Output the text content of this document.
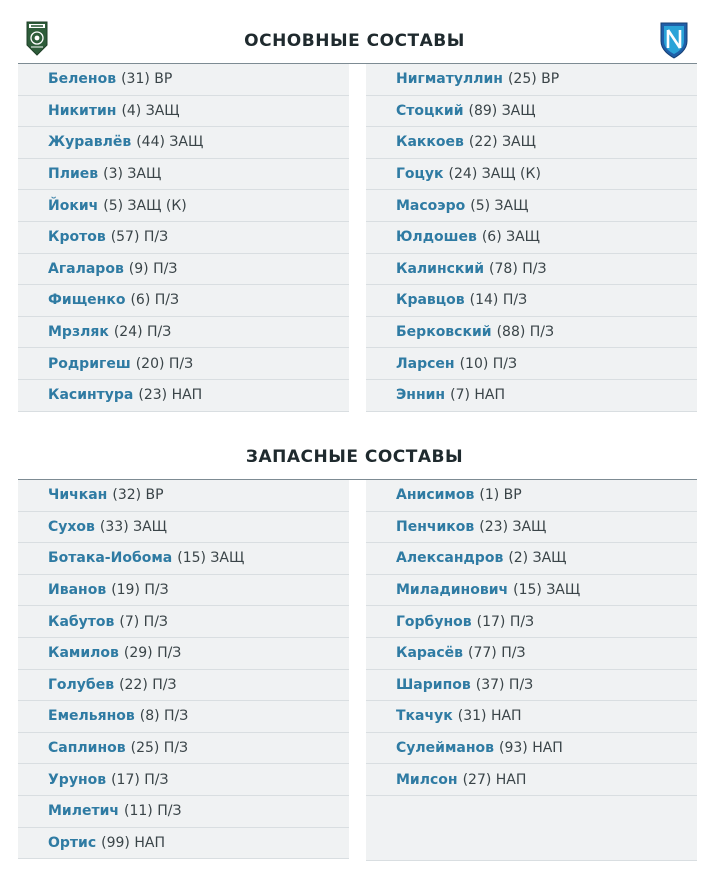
ОСНОВНЫЕ СОСТАВЫ
Беленов (31) ВР
Никитин (4) ЗАЩ
Журавлёв (44) ЗАЩ
Плиев (3) ЗАЩ
Йокич (5) ЗАЩ (К)
Кротов (57) П/З
Агаларов (9) П/З
Фищенко (6) П/З
Мрзляк (24) П/З
Родригеш (20) П/З
Касинтура (23) НАП
Нигматуллин (25) ВР
Стоцкий (89) ЗАЩ
Каккоев (22) ЗАЩ
Гоцук (24) ЗАЩ (К)
Масоэро (5) ЗАЩ
Юлдошев (6) ЗАЩ
Калинский (78) П/З
Кравцов (14) П/З
Берковский (88) П/З
Ларсен (10) П/З
Эннин (7) НАП
ЗАПАСНЫЕ СОСТАВЫ
Чичкан (32) ВР
Сухов (33) ЗАЩ
Ботака-Иобома (15) ЗАЩ
Иванов (19) П/З
Кабутов (7) П/З
Камилов (29) П/З
Голубев (22) П/З
Емельянов (8) П/З
Саплинов (25) П/З
Урунов (17) П/З
Милетич (11) П/З
Ортис (99) НАП
Анисимов (1) ВР
Пенчиков (23) ЗАЩ
Александров (2) ЗАЩ
Миладинович (15) ЗАЩ
Горбунов (17) П/З
Карасёв (77) П/З
Шарипов (37) П/З
Ткачук (31) НАП
Сулейманов (93) НАП
Милсон (27) НАП
